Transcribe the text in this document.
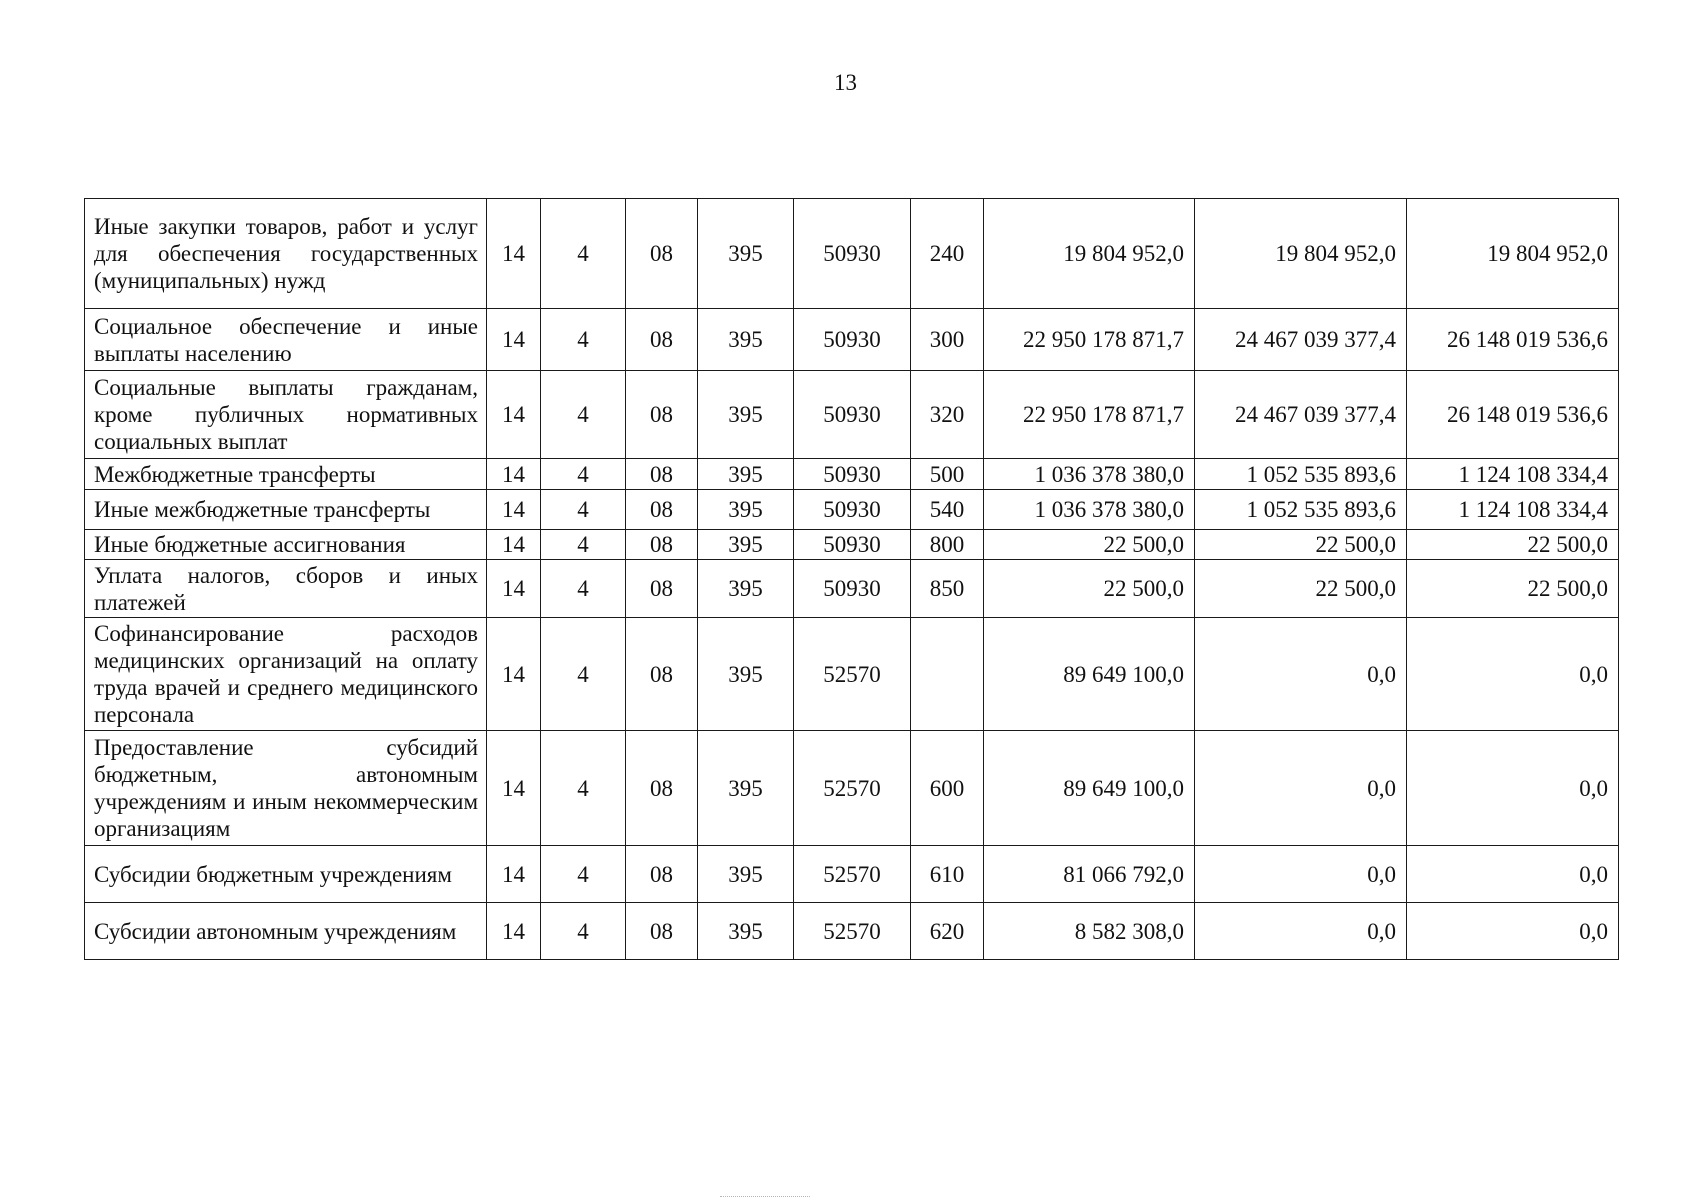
13
Иные закупки товаров, работ и услуг для обеспечения государственных (муниципальных) нужд	14	4	08	395	50930	240	19 804 952,0	19 804 952,0	19 804 952,0
Социальное обеспечение и иные выплаты населению	14	4	08	395	50930	300	22 950 178 871,7	24 467 039 377,4	26 148 019 536,6
Социальные выплаты гражданам, кроме публичных нормативных социальных выплат	14	4	08	395	50930	320	22 950 178 871,7	24 467 039 377,4	26 148 019 536,6
Межбюджетные трансферты	14	4	08	395	50930	500	1 036 378 380,0	1 052 535 893,6	1 124 108 334,4
Иные межбюджетные трансферты	14	4	08	395	50930	540	1 036 378 380,0	1 052 535 893,6	1 124 108 334,4
Иные бюджетные ассигнования	14	4	08	395	50930	800	22 500,0	22 500,0	22 500,0
Уплата налогов, сборов и иных платежей	14	4	08	395	50930	850	22 500,0	22 500,0	22 500,0
Софинансирование расходов медицинских организаций на оплату труда врачей и среднего медицинского персонала	14	4	08	395	52570		89 649 100,0	0,0	0,0
Предоставление субсидий бюджетным, автономным учреждениям и иным некоммерческим организациям	14	4	08	395	52570	600	89 649 100,0	0,0	0,0
Субсидии бюджетным учреждениям	14	4	08	395	52570	610	81 066 792,0	0,0	0,0
Субсидии автономным учреждениям	14	4	08	395	52570	620	8 582 308,0	0,0	0,0
